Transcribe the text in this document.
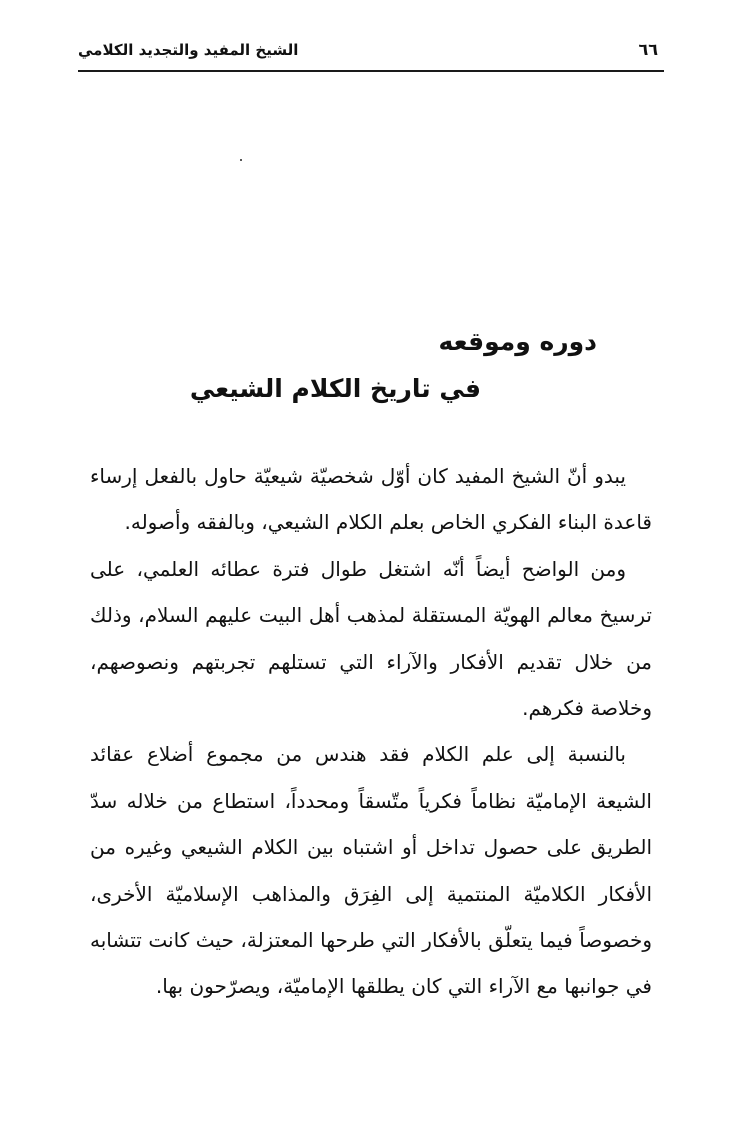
٦٦
الشيخ المفيد والتجديد الكلامي
دوره وموقعه
في تاريخ الكلام الشيعي

يبدو أنّ الشيخ المفيد كان أوّل شخصيّة شيعيّة حاول بالفعل إرساء قاعدة البناء الفكري الخاص بعلم الكلام الشيعي، وبالفقه وأصوله.

ومن الواضح أيضاً أنّه اشتغل طوال فترة عطائه العلمي، على ترسيخ معالم الهويّة المستقلة لمذهب أهل البيت عليهم السلام، وذلك من خلال تقديم الأفكار والآراء التي تستلهم تجربتهم ونصوصهم، وخلاصة فكرهم.

بالنسبة إلى علم الكلام فقد هندس من مجموع أضلاع عقائد الشيعة الإماميّة نظاماً فكرياً متّسقاً ومحدداً، استطاع من خلاله سدّ الطريق على حصول تداخل أو اشتباه بين الكلام الشيعي وغيره من الأفكار الكلاميّة المنتمية إلى الفِرَق والمذاهب الإسلاميّة الأخرى، وخصوصاً فيما يتعلّق بالأفكار التي طرحها المعتزلة، حيث كانت تتشابه في جوانبها مع الآراء التي كان يطلقها الإماميّة، ويصرّحون بها.
